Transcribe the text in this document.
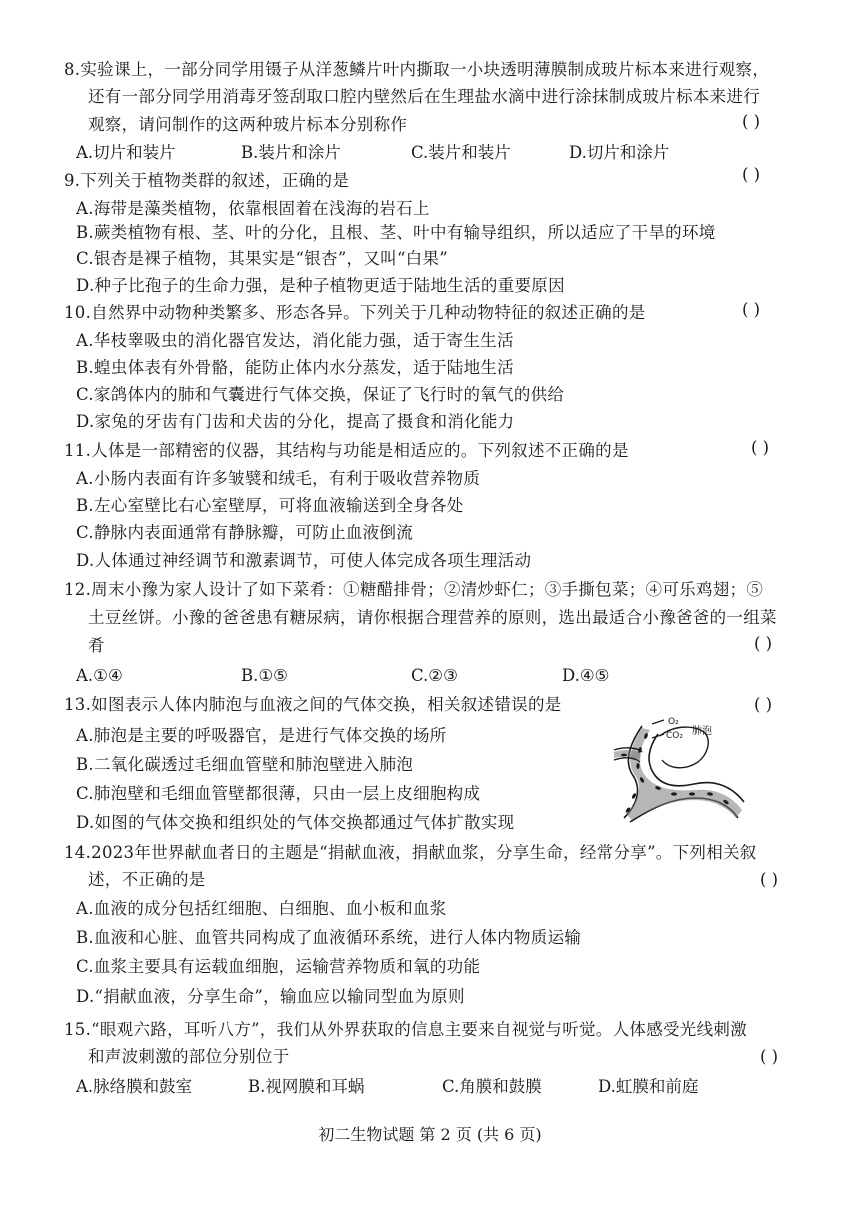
8.实验课上，一部分同学用镊子从洋葱鳞片叶内撕取一小块透明薄膜制成玻片标本来进行观察，
还有一部分同学用消毒牙签刮取口腔内壁然后在生理盐水滴中进行涂抹制成玻片标本来进行
观察，请问制作的这两种玻片标本分别称作	( )
A.切片和装片	B.装片和涂片	C.装片和装片	D.切片和涂片
9.下列关于植物类群的叙述，正确的是	( )
A.海带是藻类植物，依靠根固着在浅海的岩石上
B.蕨类植物有根、茎、叶的分化，且根、茎、叶中有输导组织，所以适应了干旱的环境
C.银杏是裸子植物，其果实是“银杏”，又叫“白果”
D.种子比孢子的生命力强，是种子植物更适于陆地生活的重要原因
10.自然界中动物种类繁多、形态各异。下列关于几种动物特征的叙述正确的是	( )
A.华枝睾吸虫的消化器官发达，消化能力强，适于寄生生活
B.蝗虫体表有外骨骼，能防止体内水分蒸发，适于陆地生活
C.家鸽体内的肺和气囊进行气体交换，保证了飞行时的氧气的供给
D.家兔的牙齿有门齿和犬齿的分化，提高了摄食和消化能力
11.人体是一部精密的仪器，其结构与功能是相适应的。下列叙述不正确的是	( )
A.小肠内表面有许多皱襞和绒毛，有利于吸收营养物质
B.左心室壁比右心室壁厚，可将血液输送到全身各处
C.静脉内表面通常有静脉瓣，可防止血液倒流
D.人体通过神经调节和激素调节，可使人体完成各项生理活动
12.周末小豫为家人设计了如下菜肴：①糖醋排骨；②清炒虾仁；③手撕包菜；④可乐鸡翅；⑤
土豆丝饼。小豫的爸爸患有糖尿病，请你根据合理营养的原则，选出最适合小豫爸爸的一组菜
肴	( )
A.①④	B.①⑤	C.②③	D.④⑤
13.如图表示人体内肺泡与血液之间的气体交换，相关叙述错误的是	( )
A.肺泡是主要的呼吸器官，是进行气体交换的场所
B.二氧化碳透过毛细血管壁和肺泡壁进入肺泡
C.肺泡壁和毛细血管壁都很薄，只由一层上皮细胞构成
D.如图的气体交换和组织处的气体交换都通过气体扩散实现
O₂
CO₂ 肺泡
14.2023年世界献血者日的主题是“捐献血液，捐献血浆，分享生命，经常分享”。下列相关叙
述，不正确的是	( )
A.血液的成分包括红细胞、白细胞、血小板和血浆
B.血液和心脏、血管共同构成了血液循环系统，进行人体内物质运输
C.血浆主要具有运载血细胞，运输营养物质和氧的功能
D.“捐献血液，分享生命”，输血应以输同型血为原则
15.“眼观六路，耳听八方”，我们从外界获取的信息主要来自视觉与听觉。人体感受光线刺激
和声波刺激的部位分别位于	( )
A.脉络膜和鼓室	B.视网膜和耳蜗	C.角膜和鼓膜	D.虹膜和前庭
初二生物试题 第 2 页 (共 6 页)
